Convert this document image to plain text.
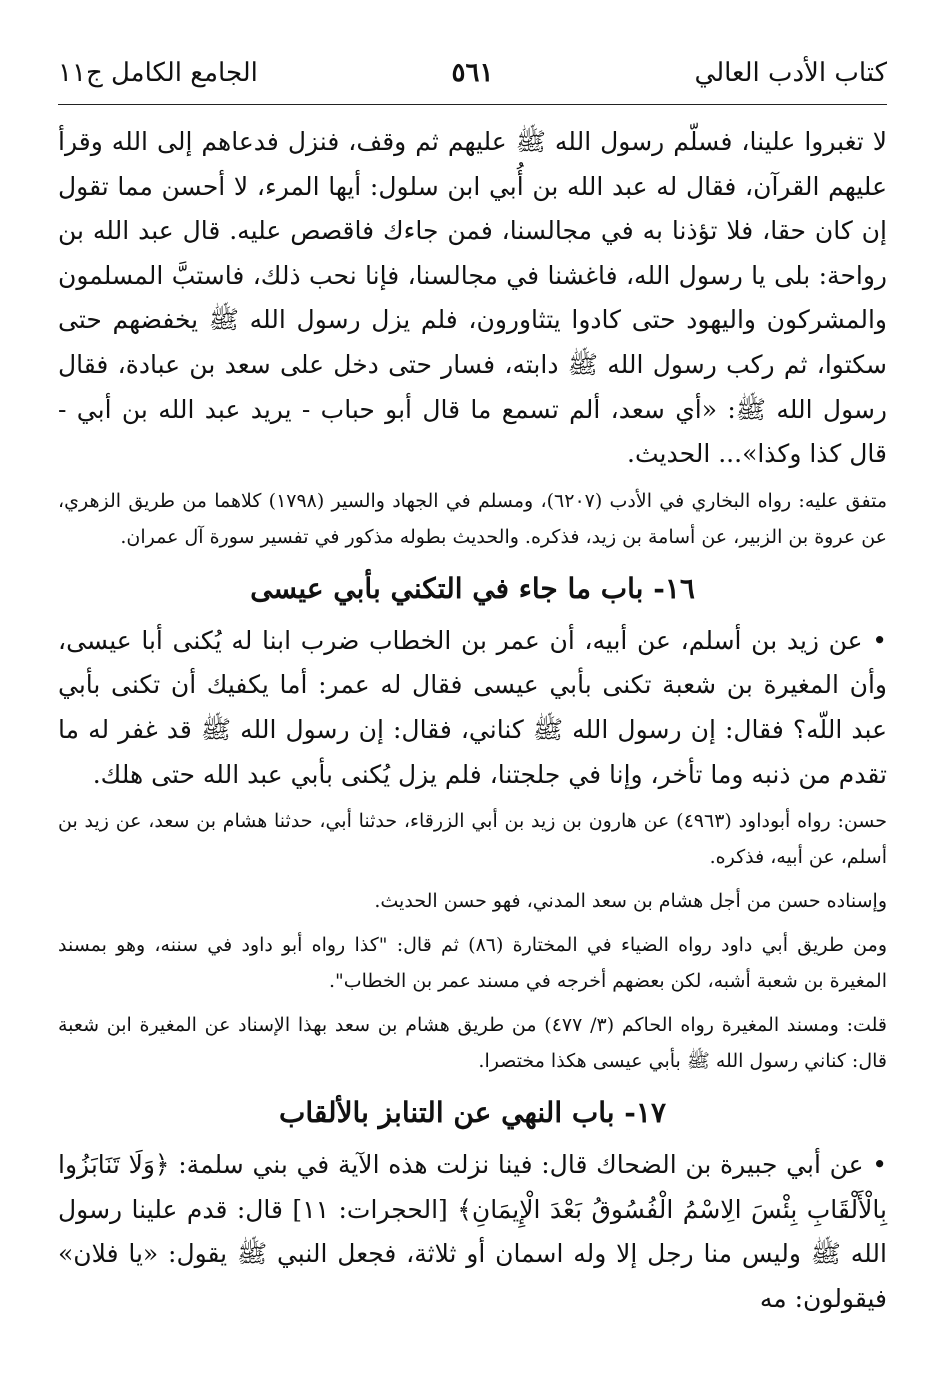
كتاب الأدب العالي
٥٦١
الجامع الكامل ج١١

لا تغبروا علينا، فسلّم رسول الله ﷺ عليهم ثم وقف، فنزل فدعاهم إلى الله وقرأ عليهم القرآن، فقال له عبد الله بن أُبي ابن سلول: أيها المرء، لا أحسن مما تقول إن كان حقا، فلا تؤذنا به في مجالسنا، فمن جاءك فاقصص عليه. قال عبد الله بن رواحة: بلى يا رسول الله، فاغشنا في مجالسنا، فإنا نحب ذلك، فاستبَّ المسلمون والمشركون واليهود حتى كادوا يتثاورون، فلم يزل رسول الله ﷺ يخفضهم حتى سكتوا، ثم ركب رسول الله ﷺ دابته، فسار حتى دخل على سعد بن عبادة، فقال رسول الله ﷺ: «أي سعد، ألم تسمع ما قال أبو حباب - يريد عبد الله بن أبي - قال كذا وكذا»... الحديث.

متفق عليه: رواه البخاري في الأدب (٦٢٠٧)، ومسلم في الجهاد والسير (١٧٩٨) كلاهما من طريق الزهري، عن عروة بن الزبير، عن أسامة بن زيد، فذكره. والحديث بطوله مذكور في تفسير سورة آل عمران.

١٦- باب ما جاء في التكني بأبي عيسى

• عن زيد بن أسلم، عن أبيه، أن عمر بن الخطاب ضرب ابنا له يُكنى أبا عيسى، وأن المغيرة بن شعبة تكنى بأبي عيسى فقال له عمر: أما يكفيك أن تكنى بأبي عبد اللّه؟ فقال: إن رسول الله ﷺ كناني، فقال: إن رسول الله ﷺ قد غفر له ما تقدم من ذنبه وما تأخر، وإنا في جلجتنا، فلم يزل يُكنى بأبي عبد الله حتى هلك.

حسن: رواه أبوداود (٤٩٦٣) عن هارون بن زيد بن أبي الزرقاء، حدثنا أبي، حدثنا هشام بن سعد، عن زيد بن أسلم، عن أبيه، فذكره.

وإسناده حسن من أجل هشام بن سعد المدني، فهو حسن الحديث.

ومن طريق أبي داود رواه الضياء في المختارة (٨٦) ثم قال: "كذا رواه أبو داود في سننه، وهو بمسند المغيرة بن شعبة أشبه، لكن بعضهم أخرجه في مسند عمر بن الخطاب".

قلت: ومسند المغيرة رواه الحاكم (٣/ ٤٧٧) من طريق هشام بن سعد بهذا الإسناد عن المغيرة ابن شعبة قال: كناني رسول الله ﷺ بأبي عيسى هكذا مختصرا.

١٧- باب النهي عن التنابز بالألقاب

• عن أبي جبيرة بن الضحاك قال: فينا نزلت هذه الآية في بني سلمة: ﴿وَلَا تَنَابَزُوا بِالْأَلْقَابِ بِئْسَ الِاسْمُ الْفُسُوقُ بَعْدَ الْإِيمَانِ﴾ [الحجرات: ١١] قال: قدم علينا رسول الله ﷺ وليس منا رجل إلا وله اسمان أو ثلاثة، فجعل النبي ﷺ يقول: «يا فلان» فيقولون: مه
